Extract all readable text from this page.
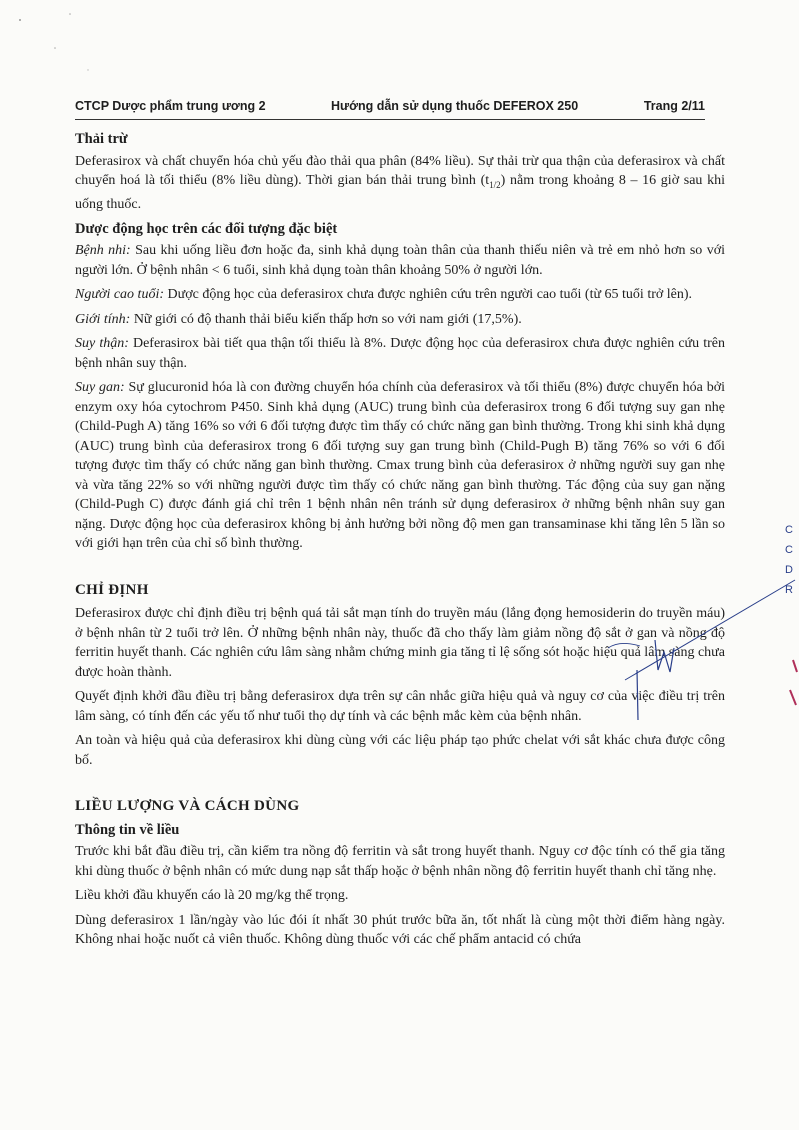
CTCP Dược phẩm trung ương 2	Hướng dẫn sử dụng thuốc DEFEROX 250	Trang 2/11

Thải trừ

Deferasirox và chất chuyển hóa chủ yếu đào thải qua phân (84% liều). Sự thải trừ qua thận của deferasirox và chất chuyển hoá là tối thiểu (8% liều dùng). Thời gian bán thải trung bình $(t_{1/2})$ nằm trong khoảng 8 – 16 giờ sau khi uống thuốc.

Dược động học trên các đối tượng đặc biệt

Bệnh nhi: Sau khi uống liều đơn hoặc đa, sinh khả dụng toàn thân của thanh thiếu niên và trẻ em nhỏ hơn so với người lớn. Ở bệnh nhân < 6 tuổi, sinh khả dụng toàn thân khoảng 50% ở người lớn.

Người cao tuổi: Dược động học của deferasirox chưa được nghiên cứu trên người cao tuổi (từ 65 tuổi trở lên).

Giới tính: Nữ giới có độ thanh thải biểu kiến thấp hơn so với nam giới (17,5%).

Suy thận: Deferasirox bài tiết qua thận tối thiểu là 8%. Dược động học của deferasirox chưa được nghiên cứu trên bệnh nhân suy thận.

Suy gan: Sự glucuronid hóa là con đường chuyển hóa chính của deferasirox và tối thiểu (8%) được chuyển hóa bởi enzym oxy hóa cytochrom P450. Sinh khả dụng (AUC) trung bình của deferasirox trong 6 đối tượng suy gan nhẹ (Child-Pugh A) tăng 16% so với 6 đối tượng được tìm thấy có chức năng gan bình thường. Trong khi sinh khả dụng (AUC) trung bình của deferasirox trong 6 đối tượng suy gan trung bình (Child-Pugh B) tăng 76% so với 6 đối tượng được tìm thấy có chức năng gan bình thường. Cmax trung bình của deferasirox ở những người suy gan nhẹ và vừa tăng 22% so với những người được tìm thấy có chức năng gan bình thường. Tác động của suy gan nặng (Child-Pugh C) được đánh giá chỉ trên 1 bệnh nhân nên tránh sử dụng deferasirox ở những bệnh nhân suy gan nặng. Dược động học của deferasirox không bị ảnh hưởng bởi nồng độ men gan transaminase khi tăng lên 5 lần so với giới hạn trên của chỉ số bình thường.

CHỈ ĐỊNH

Deferasirox được chỉ định điều trị bệnh quá tải sắt mạn tính do truyền máu (lắng đọng hemosiderin do truyền máu) ở bệnh nhân từ 2 tuổi trở lên. Ở những bệnh nhân này, thuốc đã cho thấy làm giảm nồng độ sắt ở gan và nồng độ ferritin huyết thanh. Các nghiên cứu lâm sàng nhằm chứng minh gia tăng tỉ lệ sống sót hoặc hiệu quả lâm sàng chưa được hoàn thành.

Quyết định khởi đầu điều trị bằng deferasirox dựa trên sự cân nhắc giữa hiệu quả và nguy cơ của việc điều trị trên lâm sàng, có tính đến các yếu tố như tuổi thọ dự tính và các bệnh mắc kèm của bệnh nhân.

An toàn và hiệu quả của deferasirox khi dùng cùng với các liệu pháp tạo phức chelat với sắt khác chưa được công bố.

LIỀU LƯỢNG VÀ CÁCH DÙNG
Thông tin về liều

Trước khi bắt đầu điều trị, cần kiểm tra nồng độ ferritin và sắt trong huyết thanh. Nguy cơ độc tính có thể gia tăng khi dùng thuốc ở bệnh nhân có mức dung nạp sắt thấp hoặc ở bệnh nhân nồng độ ferritin huyết thanh chỉ tăng nhẹ.

Liều khởi đầu khuyến cáo là 20 mg/kg thể trọng.

Dùng deferasirox 1 lần/ngày vào lúc đói ít nhất 30 phút trước bữa ăn, tốt nhất là cùng một thời điểm hàng ngày. Không nhai hoặc nuốt cả viên thuốc. Không dùng thuốc với các chế phẩm antacid có chứa

C
C
D
R
